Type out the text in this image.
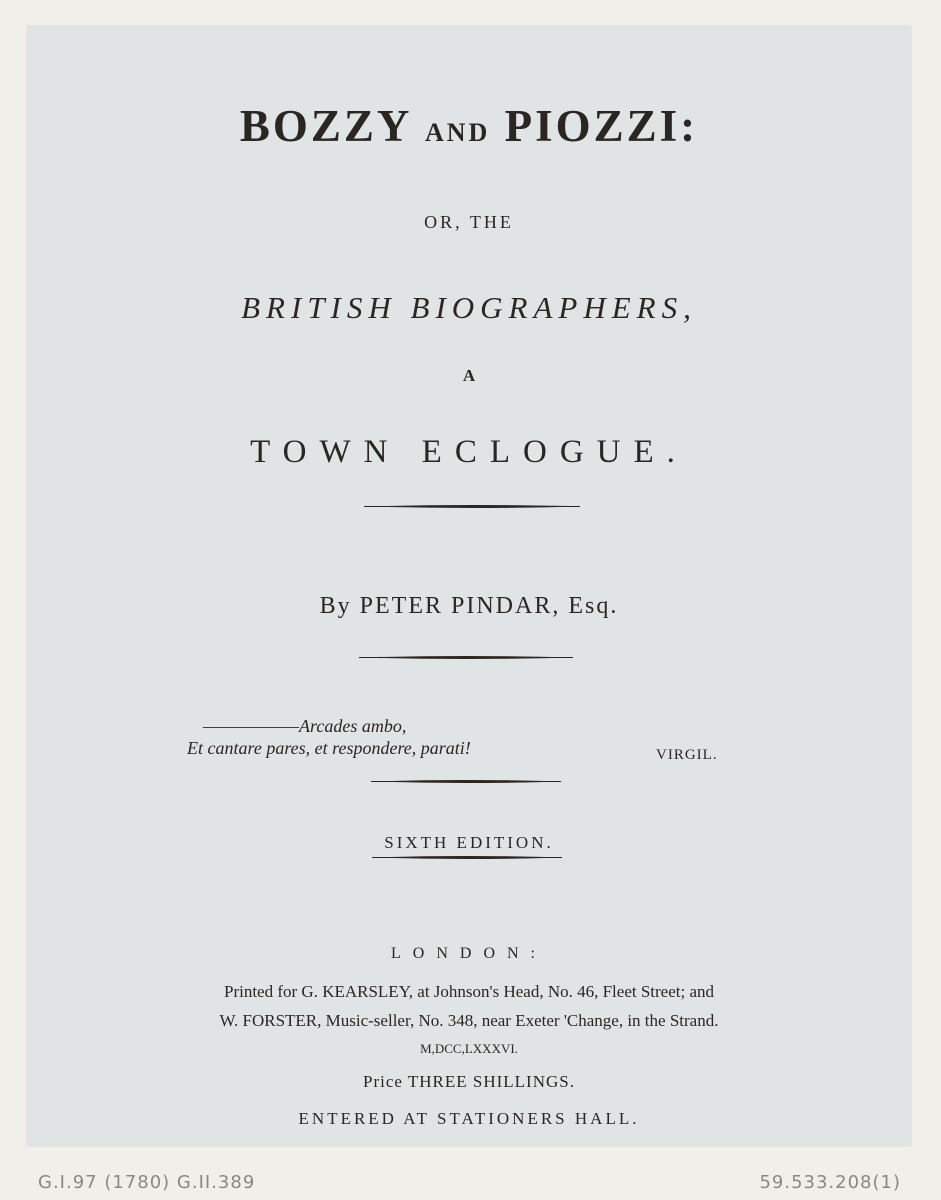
BOZZY AND PIOZZI:

OR, THE

BRITISH BIOGRAPHERS,

A

TOWN ECLOGUE.

By PETER PINDAR, Esq.

——————Arcades ambo,
Et cantare pares, et respondere, parati!	VIRGIL.

SIXTH EDITION.

LONDON:

Printed for G. KEARSLEY, at Johnson's Head, No. 46, Fleet Street; and

W. FORSTER, Music-seller, No. 348, near Exeter 'Change, in the Strand.

M,DCC,LXXXVI.

Price THREE SHILLINGS.

ENTERED AT STATIONERS HALL.

G.I.97 (1780) G.II.389	59.533.208(1)
